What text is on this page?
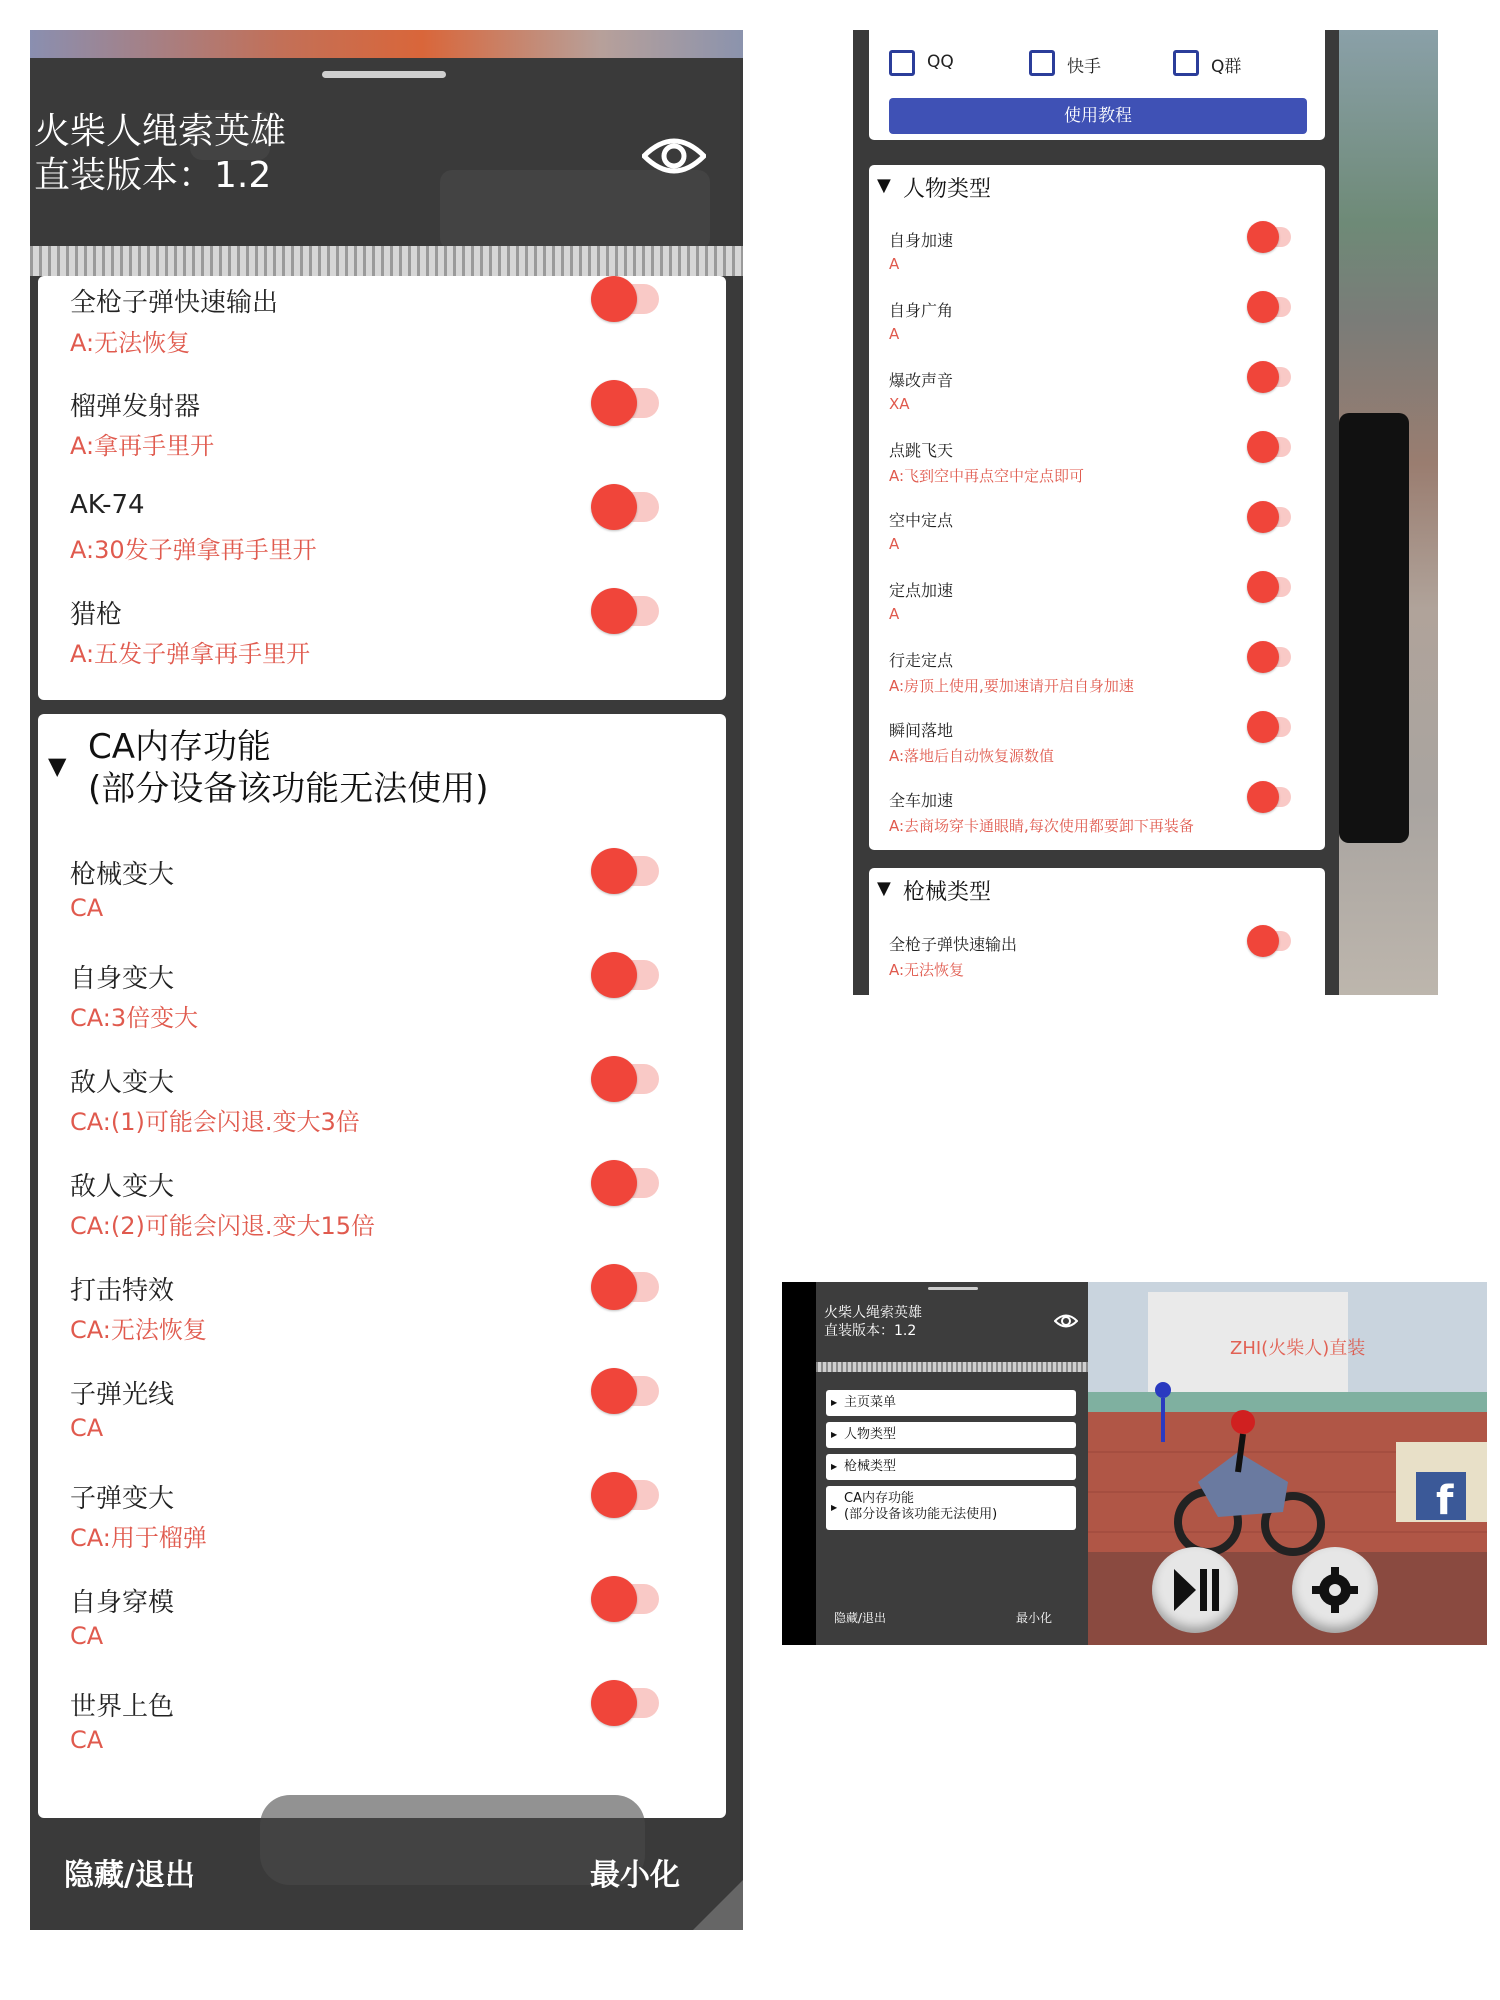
火柴人绳索英雄
直装版本：1.2
全枪子弹快速输出
A:无法恢复
榴弹发射器
A:拿再手里开
AK-74
A:30发子弹拿再手里开
猎枪
A:五发子弹拿再手里开
▼ CA内存功能
(部分设备该功能无法使用)
枪械变大
CA
自身变大
CA:3倍变大
敌人变大
CA:(1)可能会闪退.变大3倍
敌人变大
CA:(2)可能会闪退.变大15倍
打击特效
CA:无法恢复
子弹光线
CA
子弹变大
CA:用于榴弹
自身穿模
CA
世界上色
CA
隐藏/退出	最小化
QQ	快手	Q群
使用教程
▼ 人物类型
自身加速
A
自身广角
A
爆改声音
XA
点跳飞天
A:飞到空中再点空中定点即可
空中定点
A
定点加速
A
行走定点
A:房顶上使用,要加速请开启自身加速
瞬间落地
A:落地后自动恢复源数值
全车加速
A:去商场穿卡通眼睛,每次使用都要卸下再装备
▼ 枪械类型
全枪子弹快速输出
A:无法恢复
f
ZHI(火柴人)直装
火柴人绳索英雄
直装版本：1.2
▶ 主页菜单
▶ 人物类型
▶ 枪械类型
▶
CA内存功能
(部分设备该功能无法使用)
隐藏/退出	最小化
